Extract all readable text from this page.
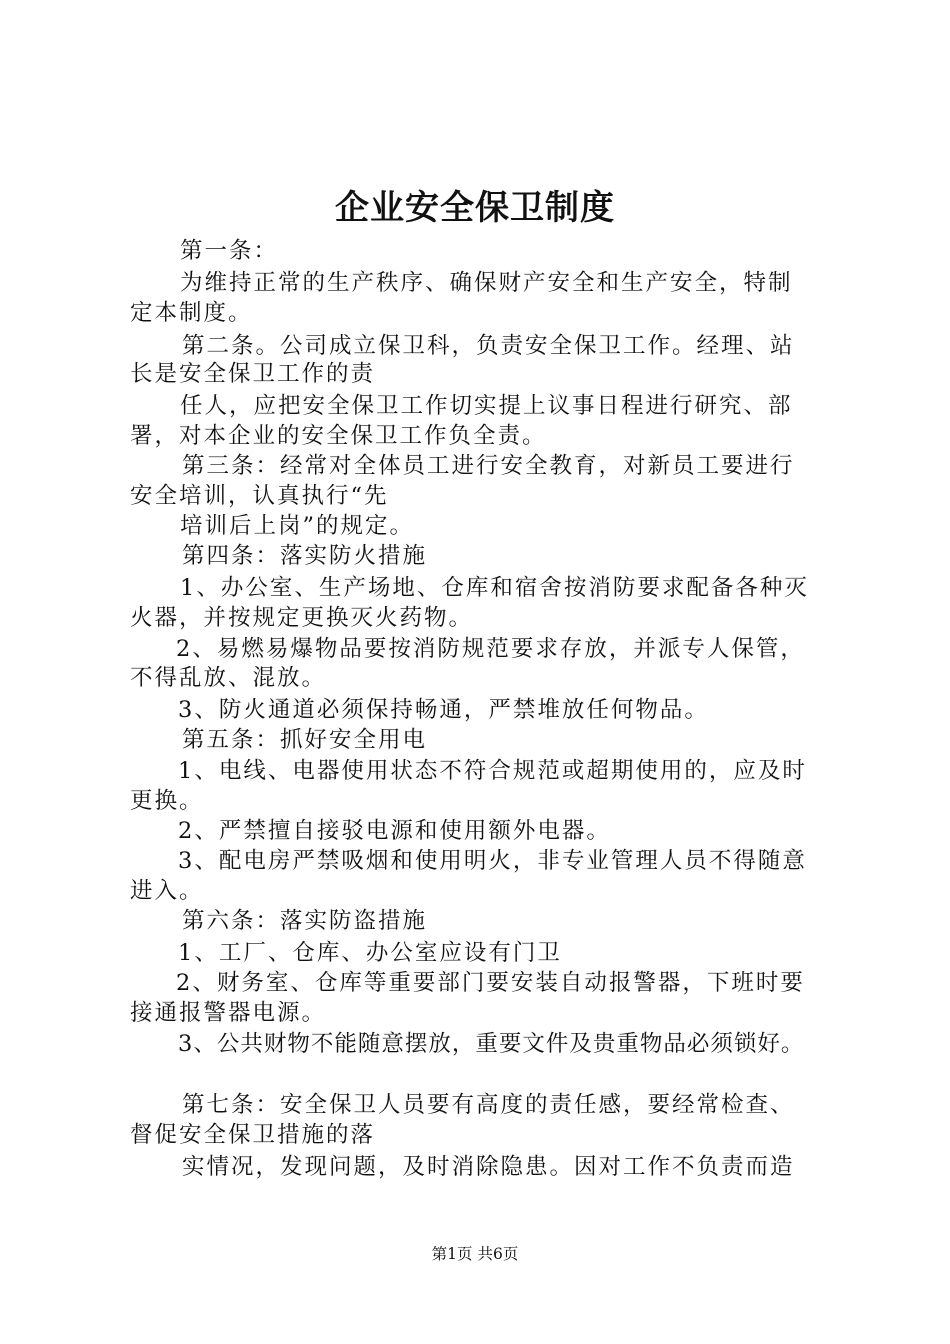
企业安全保卫制度
第一条：
为维持正常的生产秩序、确保财产安全和生产安全，特制
定本制度。
第二条。公司成立保卫科，负责安全保卫工作。经理、站
长是安全保卫工作的责
任人，应把安全保卫工作切实提上议事日程进行研究、部
署，对本企业的安全保卫工作负全责。
第三条：经常对全体员工进行安全教育，对新员工要进行
安全培训，认真执行“先
培训后上岗”的规定。
第四条：落实防火措施
1、办公室、生产场地、仓库和宿舍按消防要求配备各种灭
火器，并按规定更换灭火药物。
2、易燃易爆物品要按消防规范要求存放，并派专人保管，
不得乱放、混放。
3、防火通道必须保持畅通，严禁堆放任何物品。
第五条：抓好安全用电
1、电线、电器使用状态不符合规范或超期使用的，应及时
更换。
2、严禁擅自接驳电源和使用额外电器。
3、配电房严禁吸烟和使用明火，非专业管理人员不得随意
进入。
第六条：落实防盗措施
1、工厂、仓库、办公室应设有门卫
2、财务室、仓库等重要部门要安装自动报警器，下班时要
接通报警器电源。
3、公共财物不能随意摆放，重要文件及贵重物品必须锁好。
第七条：安全保卫人员要有高度的责任感，要经常检查、
督促安全保卫措施的落
实情况，发现问题，及时消除隐患。因对工作不负责而造
第1页 共6页
